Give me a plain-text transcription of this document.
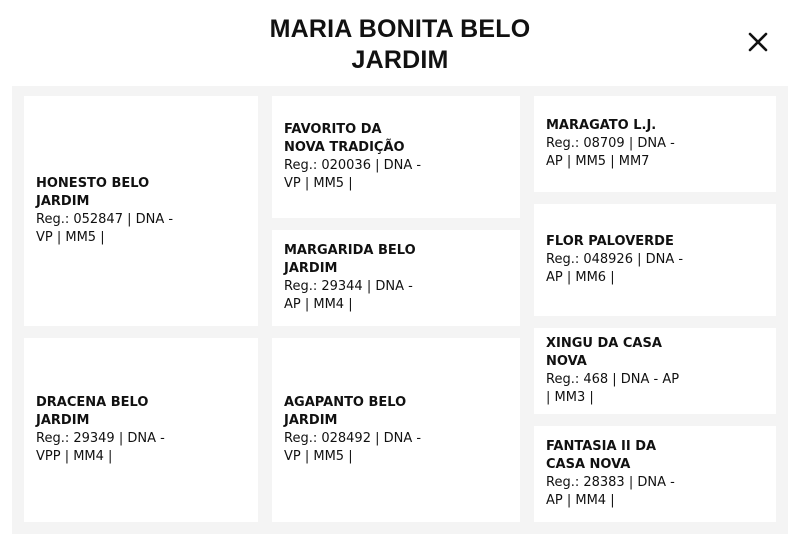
MARIA BONITA BELO
JARDIM
HONESTO BELO JARDIM
Reg.: 052847 | DNA - VP | MM5 |
DRACENA BELO JARDIM
Reg.: 29349 | DNA - VPP | MM4 |
FAVORITO DA NOVA TRADIÇÃO
Reg.: 020036 | DNA - VP | MM5 |
MARGARIDA BELO JARDIM
Reg.: 29344 | DNA - AP | MM4 |
AGAPANTO BELO JARDIM
Reg.: 028492 | DNA - VP | MM5 |
MARAGATO L.J.
Reg.: 08709 | DNA - AP | MM5 | MM7
FLOR PALOVERDE
Reg.: 048926 | DNA - AP | MM6 |
XINGU DA CASA NOVA
Reg.: 468 | DNA - AP | MM3 |
FANTASIA II DA CASA NOVA
Reg.: 28383 | DNA - AP | MM4 |
